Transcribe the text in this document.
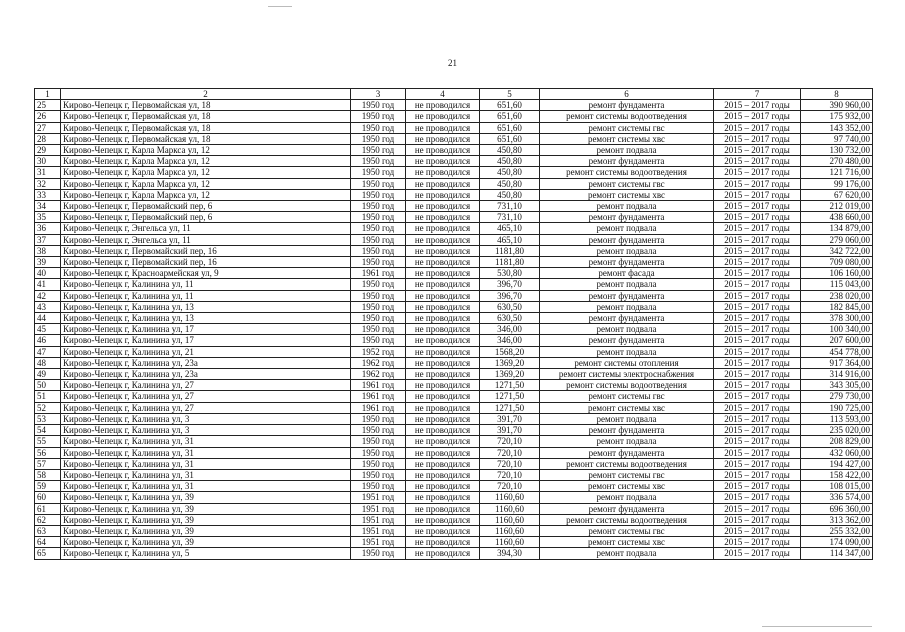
21
1	2	3	4	5	6	7	8
25	Кирово-Чепецк г, Первомайская ул, 18	1950 год	не проводился	651,60	ремонт фундамента	2015 – 2017 годы	390 960,00
26	Кирово-Чепецк г, Первомайская ул, 18	1950 год	не проводился	651,60	ремонт системы водоотведения	2015 – 2017 годы	175 932,00
27	Кирово-Чепецк г, Первомайская ул, 18	1950 год	не проводился	651,60	ремонт системы гвс	2015 – 2017 годы	143 352,00
28	Кирово-Чепецк г, Первомайская ул, 18	1950 год	не проводился	651,60	ремонт системы хвс	2015 – 2017 годы	97 740,00
29	Кирово-Чепецк г, Карла Маркса ул, 12	1950 год	не проводился	450,80	ремонт подвала	2015 – 2017 годы	130 732,00
30	Кирово-Чепецк г, Карла Маркса ул, 12	1950 год	не проводился	450,80	ремонт фундамента	2015 – 2017 годы	270 480,00
31	Кирово-Чепецк г, Карла Маркса ул, 12	1950 год	не проводился	450,80	ремонт системы водоотведения	2015 – 2017 годы	121 716,00
32	Кирово-Чепецк г, Карла Маркса ул, 12	1950 год	не проводился	450,80	ремонт системы гвс	2015 – 2017 годы	99 176,00
33	Кирово-Чепецк г, Карла Маркса ул, 12	1950 год	не проводился	450,80	ремонт системы хвс	2015 – 2017 годы	67 620,00
34	Кирово-Чепецк г, Первомайский пер, 6	1950 год	не проводился	731,10	ремонт подвала	2015 – 2017 годы	212 019,00
35	Кирово-Чепецк г, Первомайский пер, 6	1950 год	не проводился	731,10	ремонт фундамента	2015 – 2017 годы	438 660,00
36	Кирово-Чепецк г, Энгельса ул, 11	1950 год	не проводился	465,10	ремонт подвала	2015 – 2017 годы	134 879,00
37	Кирово-Чепецк г, Энгельса ул, 11	1950 год	не проводился	465,10	ремонт фундамента	2015 – 2017 годы	279 060,00
38	Кирово-Чепецк г, Первомайский пер, 16	1950 год	не проводился	1181,80	ремонт подвала	2015 – 2017 годы	342 722,00
39	Кирово-Чепецк г, Первомайский пер, 16	1950 год	не проводился	1181,80	ремонт фундамента	2015 – 2017 годы	709 080,00
40	Кирово-Чепецк г, Красноармейская ул, 9	1961 год	не проводился	530,80	ремонт фасада	2015 – 2017 годы	106 160,00
41	Кирово-Чепецк г, Калинина ул, 11	1950 год	не проводился	396,70	ремонт подвала	2015 – 2017 годы	115 043,00
42	Кирово-Чепецк г, Калинина ул, 11	1950 год	не проводился	396,70	ремонт фундамента	2015 – 2017 годы	238 020,00
43	Кирово-Чепецк г, Калинина ул, 13	1950 год	не проводился	630,50	ремонт подвала	2015 – 2017 годы	182 845,00
44	Кирово-Чепецк г, Калинина ул, 13	1950 год	не проводился	630,50	ремонт фундамента	2015 – 2017 годы	378 300,00
45	Кирово-Чепецк г, Калинина ул, 17	1950 год	не проводился	346,00	ремонт подвала	2015 – 2017 годы	100 340,00
46	Кирово-Чепецк г, Калинина ул, 17	1950 год	не проводился	346,00	ремонт фундамента	2015 – 2017 годы	207 600,00
47	Кирово-Чепецк г, Калинина ул, 21	1952 год	не проводился	1568,20	ремонт подвала	2015 – 2017 годы	454 778,00
48	Кирово-Чепецк г, Калинина ул, 23а	1962 год	не проводился	1369,20	ремонт системы отопления	2015 – 2017 годы	917 364,00
49	Кирово-Чепецк г, Калинина ул, 23а	1962 год	не проводился	1369,20	ремонт системы электроснабжения	2015 – 2017 годы	314 916,00
50	Кирово-Чепецк г, Калинина ул, 27	1961 год	не проводился	1271,50	ремонт системы водоотведения	2015 – 2017 годы	343 305,00
51	Кирово-Чепецк г, Калинина ул, 27	1961 год	не проводился	1271,50	ремонт системы гвс	2015 – 2017 годы	279 730,00
52	Кирово-Чепецк г, Калинина ул, 27	1961 год	не проводился	1271,50	ремонт системы хвс	2015 – 2017 годы	190 725,00
53	Кирово-Чепецк г, Калинина ул, 3	1950 год	не проводился	391,70	ремонт подвала	2015 – 2017 годы	113 593,00
54	Кирово-Чепецк г, Калинина ул, 3	1950 год	не проводился	391,70	ремонт фундамента	2015 – 2017 годы	235 020,00
55	Кирово-Чепецк г, Калинина ул, 31	1950 год	не проводился	720,10	ремонт подвала	2015 – 2017 годы	208 829,00
56	Кирово-Чепецк г, Калинина ул, 31	1950 год	не проводился	720,10	ремонт фундамента	2015 – 2017 годы	432 060,00
57	Кирово-Чепецк г, Калинина ул, 31	1950 год	не проводился	720,10	ремонт системы водоотведения	2015 – 2017 годы	194 427,00
58	Кирово-Чепецк г, Калинина ул, 31	1950 год	не проводился	720,10	ремонт системы гвс	2015 – 2017 годы	158 422,00
59	Кирово-Чепецк г, Калинина ул, 31	1950 год	не проводился	720,10	ремонт системы хвс	2015 – 2017 годы	108 015,00
60	Кирово-Чепецк г, Калинина ул, 39	1951 год	не проводился	1160,60	ремонт подвала	2015 – 2017 годы	336 574,00
61	Кирово-Чепецк г, Калинина ул, 39	1951 год	не проводился	1160,60	ремонт фундамента	2015 – 2017 годы	696 360,00
62	Кирово-Чепецк г, Калинина ул, 39	1951 год	не проводился	1160,60	ремонт системы водоотведения	2015 – 2017 годы	313 362,00
63	Кирово-Чепецк г, Калинина ул, 39	1951 год	не проводился	1160,60	ремонт системы гвс	2015 – 2017 годы	255 332,00
64	Кирово-Чепецк г, Калинина ул, 39	1951 год	не проводился	1160,60	ремонт системы хвс	2015 – 2017 годы	174 090,00
65	Кирово-Чепецк г, Калинина ул, 5	1950 год	не проводился	394,30	ремонт подвала	2015 – 2017 годы	114 347,00
